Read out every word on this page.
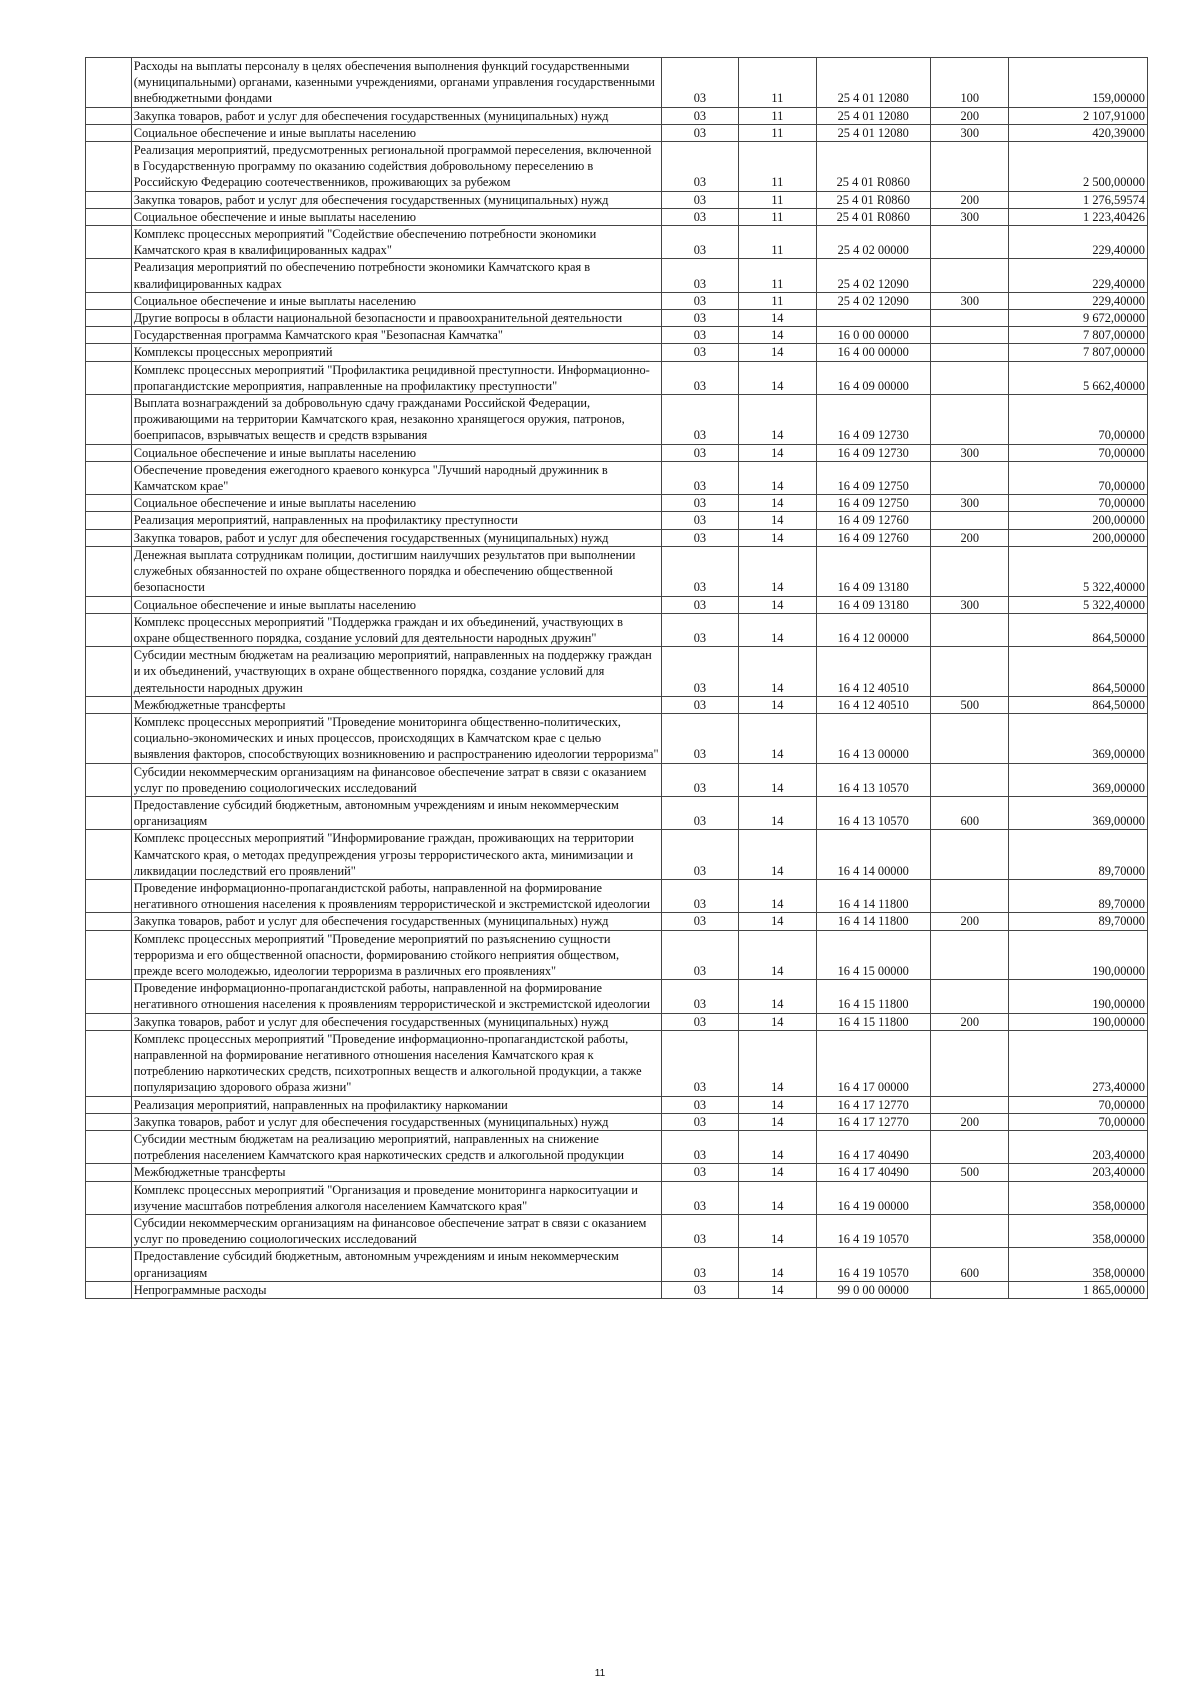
	Расходы на выплаты персоналу в целях обеспечения выполнения функций государственными (муниципальными) органами, казенными учреждениями, органами управления государственными внебюджетными фондами	03	11	25 4 01 12080	100	159,00000
	Закупка товаров, работ и услуг для обеспечения государственных (муниципальных) нужд	03	11	25 4 01 12080	200	2 107,91000
	Социальное обеспечение и иные выплаты населению	03	11	25 4 01 12080	300	420,39000
	Реализация мероприятий, предусмотренных региональной программой переселения, включенной в Государственную программу по оказанию содействия добровольному переселению в Российскую Федерацию соотечественников, проживающих за рубежом	03	11	25 4 01 R0860		2 500,00000
	Закупка товаров, работ и услуг для обеспечения государственных (муниципальных) нужд	03	11	25 4 01 R0860	200	1 276,59574
	Социальное обеспечение и иные выплаты населению	03	11	25 4 01 R0860	300	1 223,40426
	Комплекс процессных мероприятий "Содействие обеспечению потребности экономики Камчатского края в квалифицированных кадрах"	03	11	25 4 02 00000		229,40000
	Реализация мероприятий по обеспечению потребности экономики Камчатского края в квалифицированных кадрах	03	11	25 4 02 12090		229,40000
	Социальное обеспечение и иные выплаты населению	03	11	25 4 02 12090	300	229,40000
	Другие вопросы в области национальной безопасности и правоохранительной деятельности	03	14			9 672,00000
	Государственная программа Камчатского края "Безопасная Камчатка"	03	14	16 0 00 00000		7 807,00000
	Комплексы процессных мероприятий	03	14	16 4 00 00000		7 807,00000
	Комплекс процессных мероприятий "Профилактика рецидивной преступности. Информационно-пропагандистские мероприятия, направленные на профилактику преступности"	03	14	16 4 09 00000		5 662,40000
	Выплата вознаграждений за добровольную сдачу гражданами Российской Федерации, проживающими на территории Камчатского края, незаконно хранящегося оружия, патронов, боеприпасов, взрывчатых веществ и средств взрывания	03	14	16 4 09 12730		70,00000
	Социальное обеспечение и иные выплаты населению	03	14	16 4 09 12730	300	70,00000
	Обеспечение проведения ежегодного краевого конкурса "Лучший народный дружинник в Камчатском крае"	03	14	16 4 09 12750		70,00000
	Социальное обеспечение и иные выплаты населению	03	14	16 4 09 12750	300	70,00000
	Реализация мероприятий, направленных на профилактику преступности	03	14	16 4 09 12760		200,00000
	Закупка товаров, работ и услуг для обеспечения государственных (муниципальных) нужд	03	14	16 4 09 12760	200	200,00000
	Денежная выплата сотрудникам полиции, достигшим наилучших результатов при выполнении служебных обязанностей по охране общественного порядка и обеспечению общественной безопасности	03	14	16 4 09 13180		5 322,40000
	Социальное обеспечение и иные выплаты населению	03	14	16 4 09 13180	300	5 322,40000
	Комплекс процессных мероприятий "Поддержка граждан и их объединений, участвующих в охране общественного порядка, создание условий для деятельности народных дружин"	03	14	16 4 12 00000		864,50000
	Субсидии местным бюджетам на реализацию мероприятий, направленных на поддержку граждан и их объединений, участвующих в охране общественного порядка, создание условий для деятельности народных дружин	03	14	16 4 12 40510		864,50000
	Межбюджетные трансферты	03	14	16 4 12 40510	500	864,50000
	Комплекс процессных мероприятий "Проведение мониторинга общественно-политических, социально-экономических и иных процессов, происходящих в Камчатском крае с целью выявления факторов, способствующих возникновению и распространению идеологии терроризма"	03	14	16 4 13 00000		369,00000
	Субсидии некоммерческим организациям на финансовое обеспечение затрат в связи с оказанием услуг по проведению социологических исследований	03	14	16 4 13 10570		369,00000
	Предоставление субсидий бюджетным, автономным учреждениям и иным некоммерческим организациям	03	14	16 4 13 10570	600	369,00000
	Комплекс процессных мероприятий "Информирование граждан, проживающих на территории Камчатского края, о методах предупреждения угрозы террористического акта, минимизации и ликвидации последствий его проявлений"	03	14	16 4 14 00000		89,70000
	Проведение информационно-пропагандистской работы, направленной на формирование негативного отношения населения к проявлениям террористической и экстремистской идеологии	03	14	16 4 14 11800		89,70000
	Закупка товаров, работ и услуг для обеспечения государственных (муниципальных) нужд	03	14	16 4 14 11800	200	89,70000
	Комплекс процессных мероприятий "Проведение мероприятий по разъяснению сущности терроризма и его общественной опасности, формированию стойкого неприятия обществом, прежде всего молодежью, идеологии терроризма в различных его проявлениях"	03	14	16 4 15 00000		190,00000
	Проведение информационно-пропагандистской работы, направленной на формирование негативного отношения населения к проявлениям террористической и экстремистской идеологии	03	14	16 4 15 11800		190,00000
	Закупка товаров, работ и услуг для обеспечения государственных (муниципальных) нужд	03	14	16 4 15 11800	200	190,00000
	Комплекс процессных мероприятий "Проведение информационно-пропагандистской работы, направленной на формирование негативного отношения населения Камчатского края к потреблению наркотических средств, психотропных веществ и алкогольной продукции, а также популяризацию здорового образа жизни"	03	14	16 4 17 00000		273,40000
	Реализация мероприятий, направленных на профилактику наркомании	03	14	16 4 17 12770		70,00000
	Закупка товаров, работ и услуг для обеспечения государственных (муниципальных) нужд	03	14	16 4 17 12770	200	70,00000
	Субсидии местным бюджетам на реализацию мероприятий, направленных на снижение потребления населением Камчатского края наркотических средств и алкогольной продукции	03	14	16 4 17 40490		203,40000
	Межбюджетные трансферты	03	14	16 4 17 40490	500	203,40000
	Комплекс процессных мероприятий "Организация и проведение мониторинга наркоситуации и изучение масштабов потребления алкоголя населением Камчатского края"	03	14	16 4 19 00000		358,00000
	Субсидии некоммерческим организациям на финансовое обеспечение затрат в связи с оказанием услуг по проведению социологических исследований	03	14	16 4 19 10570		358,00000
	Предоставление субсидий бюджетным, автономным учреждениям и иным некоммерческим организациям	03	14	16 4 19 10570	600	358,00000
	Непрограммные расходы	03	14	99 0 00 00000		1 865,00000
11
